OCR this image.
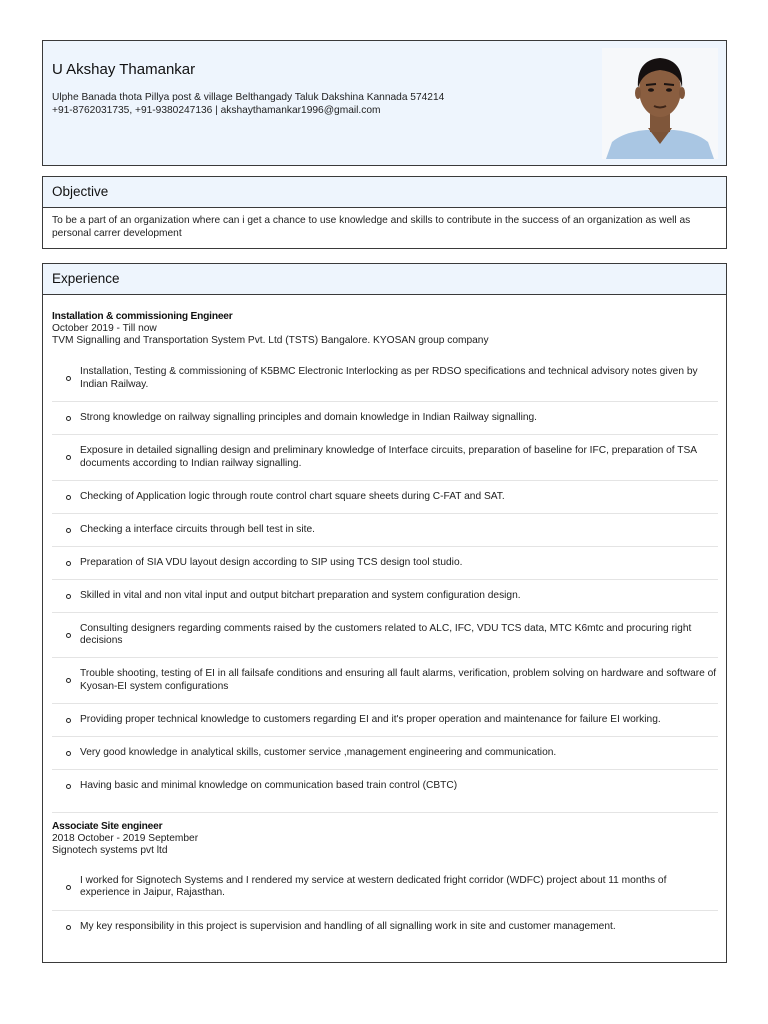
U Akshay Thamankar
Ulphe Banada thota Pillya post & village Belthangady Taluk Dakshina Kannada 574214
+91-8762031735, +91-9380247136 | akshaythamankar1996@gmail.com
Objective
To be a part of an organization where can i get a chance to use knowledge and skills to contribute in the success of an organization as well as personal carrer development
Experience
Installation & commissioning Engineer
October 2019 - Till now
TVM Signalling and Transportation System Pvt. Ltd (TSTS) Bangalore. KYOSAN group company
Installation, Testing & commissioning of K5BMC Electronic Interlocking as per RDSO specifications and technical advisory notes given by Indian Railway.
Strong knowledge on railway signalling principles and domain knowledge in Indian Railway signalling.
Exposure in detailed signalling design and preliminary knowledge of Interface circuits, preparation of baseline for IFC, preparation of TSA documents according to Indian railway signalling.
Checking of Application logic through route control chart square sheets during C-FAT and SAT.
Checking a interface circuits through bell test in site.
Preparation of SIA VDU layout design according to SIP using TCS design tool studio.
Skilled in vital and non vital input and output bitchart preparation and system configuration design.
Consulting designers regarding comments raised by the customers related to ALC, IFC, VDU TCS data, MTC K6mtc and procuring right decisions
Trouble shooting, testing of EI in all failsafe conditions and ensuring all fault alarms, verification, problem solving on hardware and software of Kyosan-EI system configurations
Providing proper technical knowledge to customers regarding EI and it's proper operation and maintenance for failure EI working.
Very good knowledge in analytical skills, customer service ,management engineering and communication.
Having basic and minimal knowledge on communication based train control (CBTC)
Associate Site engineer
2018 October - 2019 September
Signotech systems pvt ltd
I worked for Signotech Systems and I rendered my service at western dedicated fright corridor (WDFC) project about 11 months of experience in Jaipur, Rajasthan.
My key responsibility in this project is supervision and handling of all signalling work in site and customer management.
